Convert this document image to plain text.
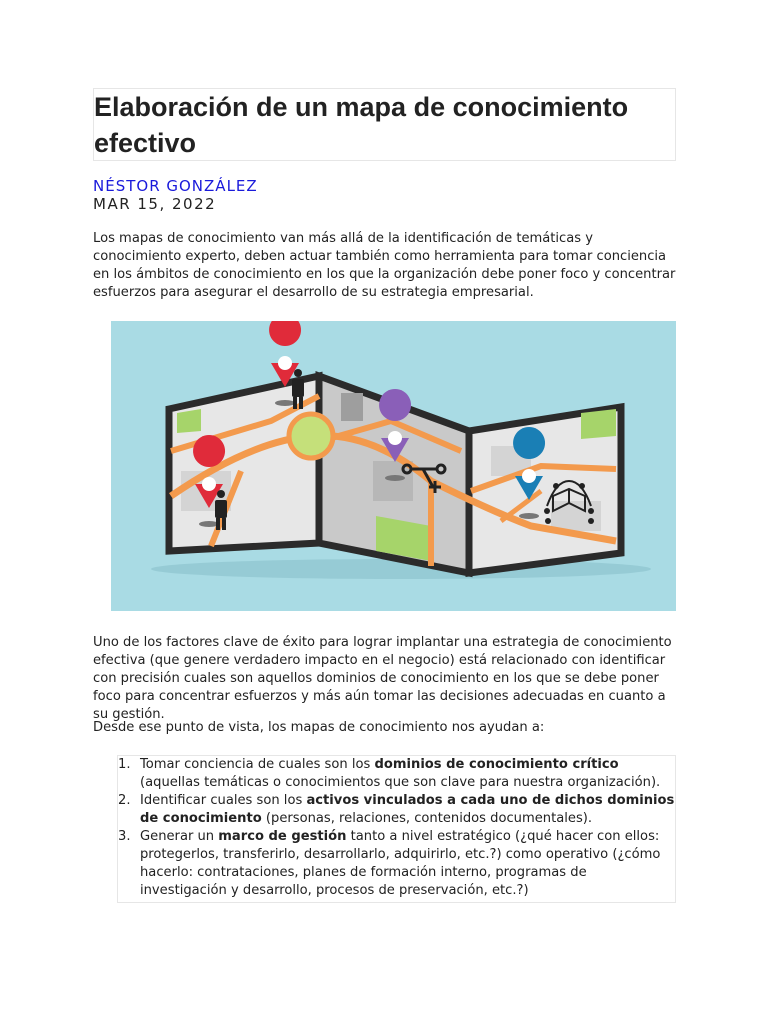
Elaboración de un mapa de conocimiento
efectivo
NÉSTOR GONZÁLEZ
MAR 15, 2022

Los mapas de conocimiento van más allá de la identificación de temáticas y conocimiento experto, deben actuar también como herramienta para tomar conciencia en los ámbitos de conocimiento en los que la organización debe poner foco y concentrar esfuerzos para asegurar el desarrollo de su estrategia empresarial.

Uno de los factores clave de éxito para lograr implantar una estrategia de conocimiento efectiva (que genere verdadero impacto en el negocio) está relacionado con identificar con precisión cuales son aquellos dominios de conocimiento en los que se debe poner foco para concentrar esfuerzos y más aún tomar las decisiones adecuadas en cuanto a su gestión.

Desde ese punto de vista, los mapas de conocimiento nos ayudan a:

1. Tomar conciencia de cuales son los dominios de conocimiento crítico (aquellas temáticas o conocimientos que son clave para nuestra organización).
2. Identificar cuales son los activos vinculados a cada uno de dichos dominios de conocimiento (personas, relaciones, contenidos documentales).
3. Generar un marco de gestión tanto a nivel estratégico (¿qué hacer con ellos: protegerlos, transferirlo, desarrollarlo, adquirirlo, etc.?) como operativo (¿cómo hacerlo: contrataciones, planes de formación interno, programas de investigación y desarrollo, procesos de preservación, etc.?)
